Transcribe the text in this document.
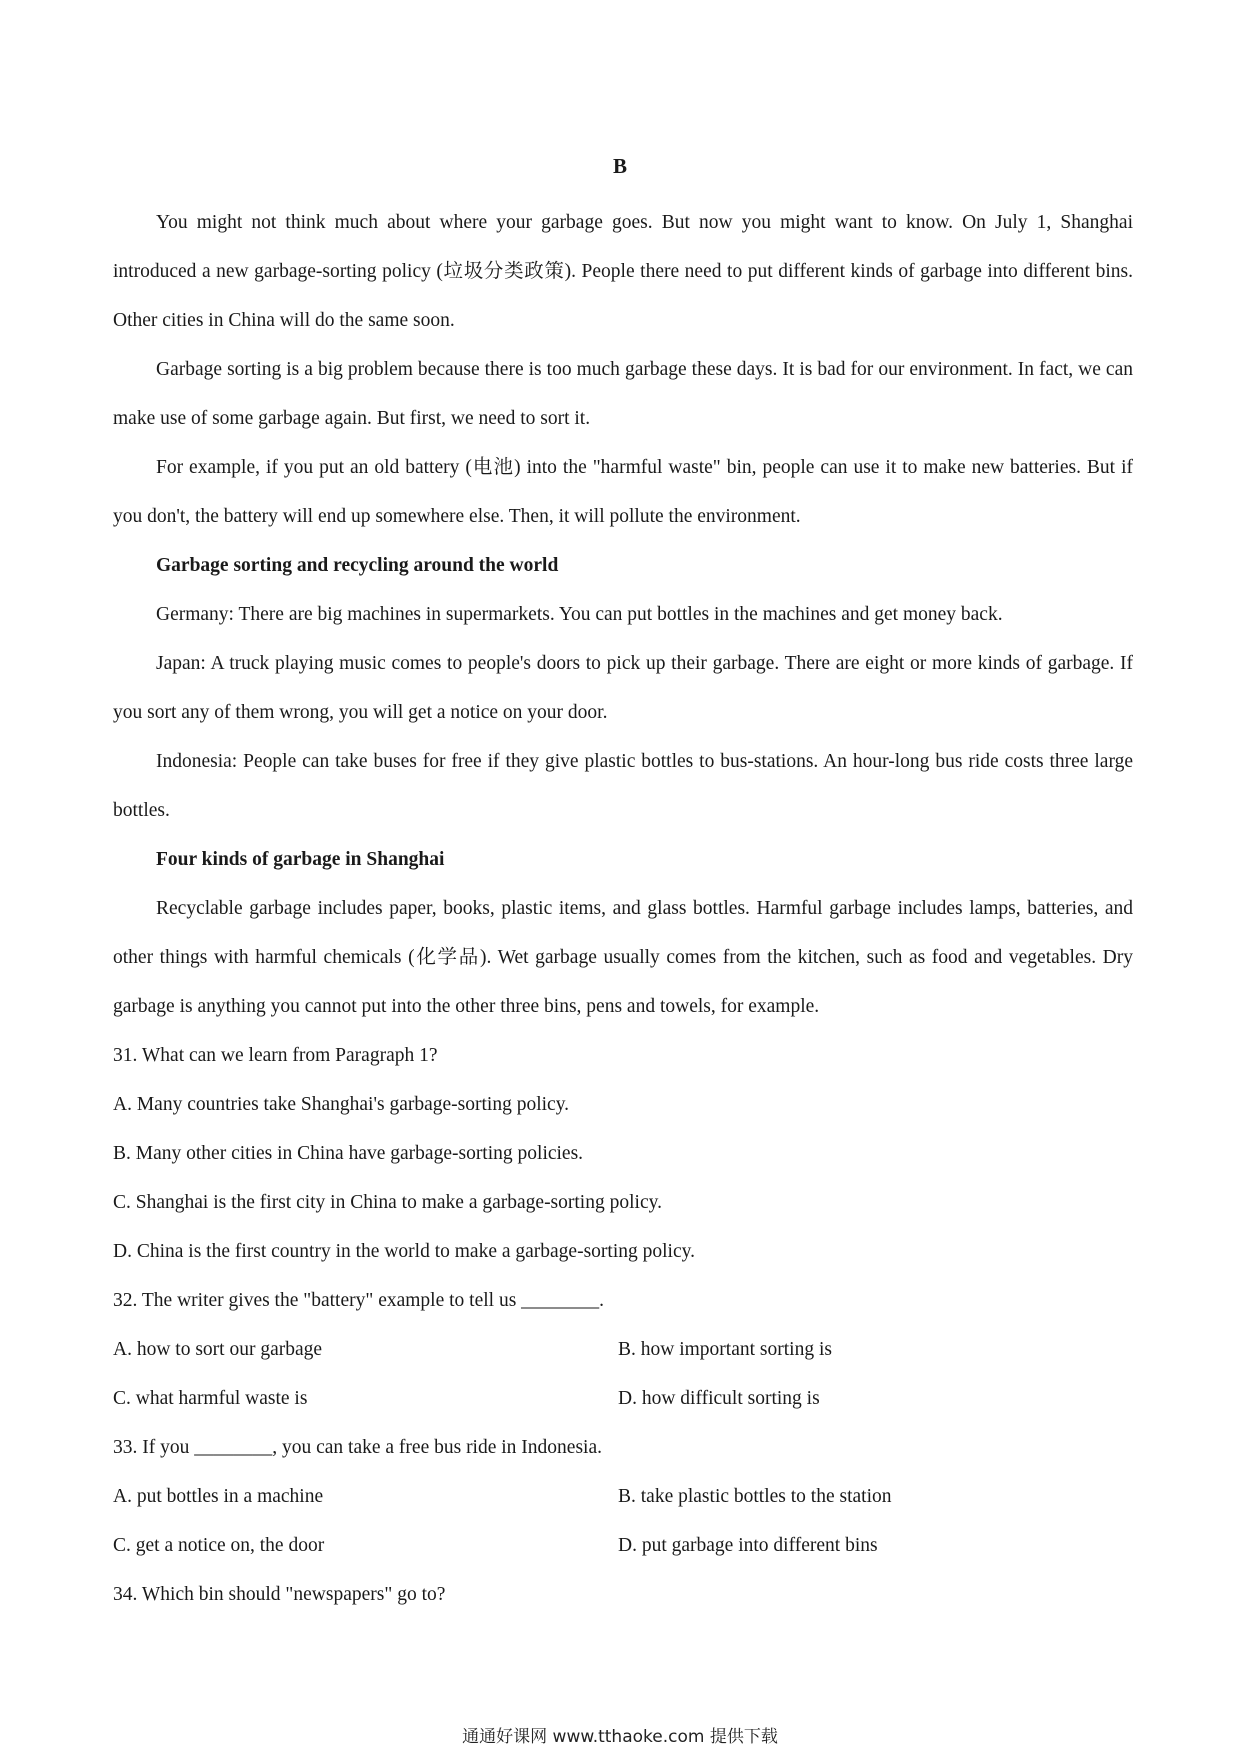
B

You might not think much about where your garbage goes. But now you might want to know. On July 1, Shanghai introduced a new garbage-sorting policy (垃圾分类政策). People there need to put different kinds of garbage into different bins. Other cities in China will do the same soon.

Garbage sorting is a big problem because there is too much garbage these days. It is bad for our environment. In fact, we can make use of some garbage again. But first, we need to sort it.

For example, if you put an old battery (电池) into the "harmful waste" bin, people can use it to make new batteries. But if you don't, the battery will end up somewhere else. Then, it will pollute the environment.

Garbage sorting and recycling around the world

Germany: There are big machines in supermarkets. You can put bottles in the machines and get money back.

Japan: A truck playing music comes to people's doors to pick up their garbage. There are eight or more kinds of garbage. If you sort any of them wrong, you will get a notice on your door.

Indonesia: People can take buses for free if they give plastic bottles to bus-stations. An hour-long bus ride costs three large bottles.

Four kinds of garbage in Shanghai

Recyclable garbage includes paper, books, plastic items, and glass bottles. Harmful garbage includes lamps, batteries, and other things with harmful chemicals (化学品). Wet garbage usually comes from the kitchen, such as food and vegetables. Dry garbage is anything you cannot put into the other three bins, pens and towels, for example.

31. What can we learn from Paragraph 1?

A. Many countries take Shanghai's garbage-sorting policy.

B. Many other cities in China have garbage-sorting policies.

C. Shanghai is the first city in China to make a garbage-sorting policy.

D. China is the first country in the world to make a garbage-sorting policy.

32. The writer gives the "battery" example to tell us ________.

A. how to sort our garbage	B. how important sorting is
C. what harmful waste is	D. how difficult sorting is

33. If you ________, you can take a free bus ride in Indonesia.

A. put bottles in a machine	B. take plastic bottles to the station
C. get a notice on, the door	D. put garbage into different bins

34. Which bin should "newspapers" go to?

通通好课网 www.tthaoke.com 提供下载
